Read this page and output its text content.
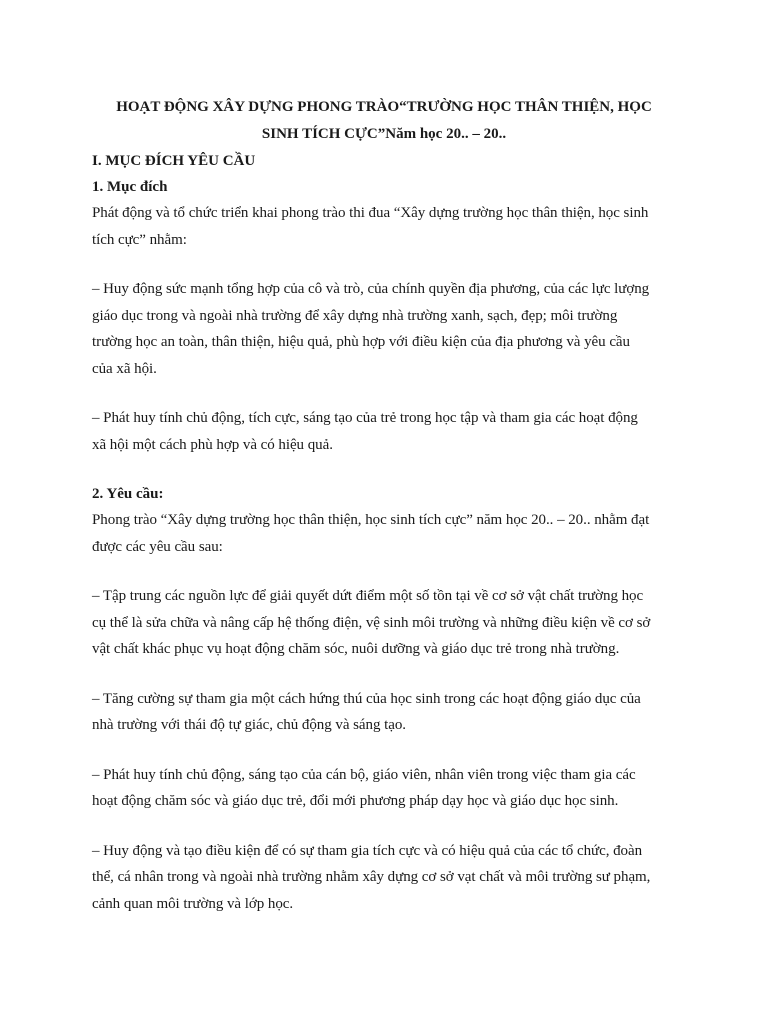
HOẠT ĐỘNG XÂY DỰNG PHONG TRÀO“TRƯỜNG HỌC THÂN THIỆN, HỌC

SINH TÍCH CỰC”Năm học 20.. – 20..

I. MỤC ĐÍCH YÊU CẦU

1. Mục đích

Phát động và tổ chức triển khai phong trào thi đua “Xây dựng trường học thân thiện, học sinh

tích cực” nhằm:

– Huy động sức mạnh tổng hợp của cô và trò, của chính quyền địa phương, của các lực lượng

giáo dục trong và ngoài nhà trường để xây dựng nhà trường xanh, sạch, đẹp; môi trường

trường học an toàn, thân thiện, hiệu quả, phù hợp với điều kiện của địa phương và yêu cầu

của xã hội.

– Phát huy tính chủ động, tích cực, sáng tạo của trẻ trong học tập và tham gia các hoạt động

xã hội một cách phù hợp và có hiệu quả.

2. Yêu cầu:

Phong trào “Xây dựng trường học thân thiện, học sinh tích cực” năm học 20.. – 20.. nhằm đạt

được các yêu cầu sau:

– Tập trung các nguồn lực để giải quyết dứt điểm một số tồn tại về cơ sở vật chất trường học

cụ thể là sửa chữa và nâng cấp hệ thống điện, vệ sinh môi trường và những điều kiện về cơ sở

vật chất khác phục vụ hoạt động chăm sóc, nuôi dưỡng và giáo dục trẻ trong nhà trường.

– Tăng cường sự tham gia một cách hứng thú của học sinh trong các hoạt động giáo dục của

nhà trường với thái độ tự giác, chủ động và sáng tạo.

– Phát huy tính chủ động, sáng tạo của cán bộ, giáo viên, nhân viên trong việc tham gia các

hoạt động chăm sóc và giáo dục trẻ, đổi mới phương pháp dạy học và giáo dục học sinh.

– Huy động và tạo điều kiện để có sự tham gia tích cực và có hiệu quả của các tổ chức, đoàn

thể, cá nhân trong và ngoài nhà trường nhằm xây dựng cơ sở vạt chất và môi trường sư phạm,

cảnh quan môi trường và lớp học.
